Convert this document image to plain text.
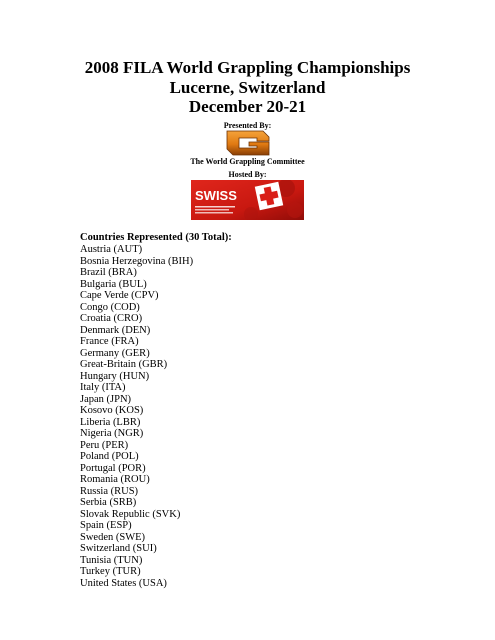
2008 FILA World Grappling Championships
Lucerne, Switzerland
December 20-21
Presented By:
The World Grappling Committee
Hosted By:
SWISS
Countries Represented (30 Total):
Austria (AUT)
Bosnia Herzegovina (BIH)
Brazil (BRA)
Bulgaria (BUL)
Cape Verde (CPV)
Congo (COD)
Croatia (CRO)
Denmark (DEN)
France (FRA)
Germany (GER)
Great-Britain (GBR)
Hungary (HUN)
Italy (ITA)
Japan (JPN)
Kosovo (KOS)
Liberia (LBR)
Nigeria (NGR)
Peru (PER)
Poland (POL)
Portugal (POR)
Romania (ROU)
Russia (RUS)
Serbia (SRB)
Slovak Republic (SVK)
Spain (ESP)
Sweden (SWE)
Switzerland (SUI)
Tunisia (TUN)
Turkey (TUR)
United States (USA)
